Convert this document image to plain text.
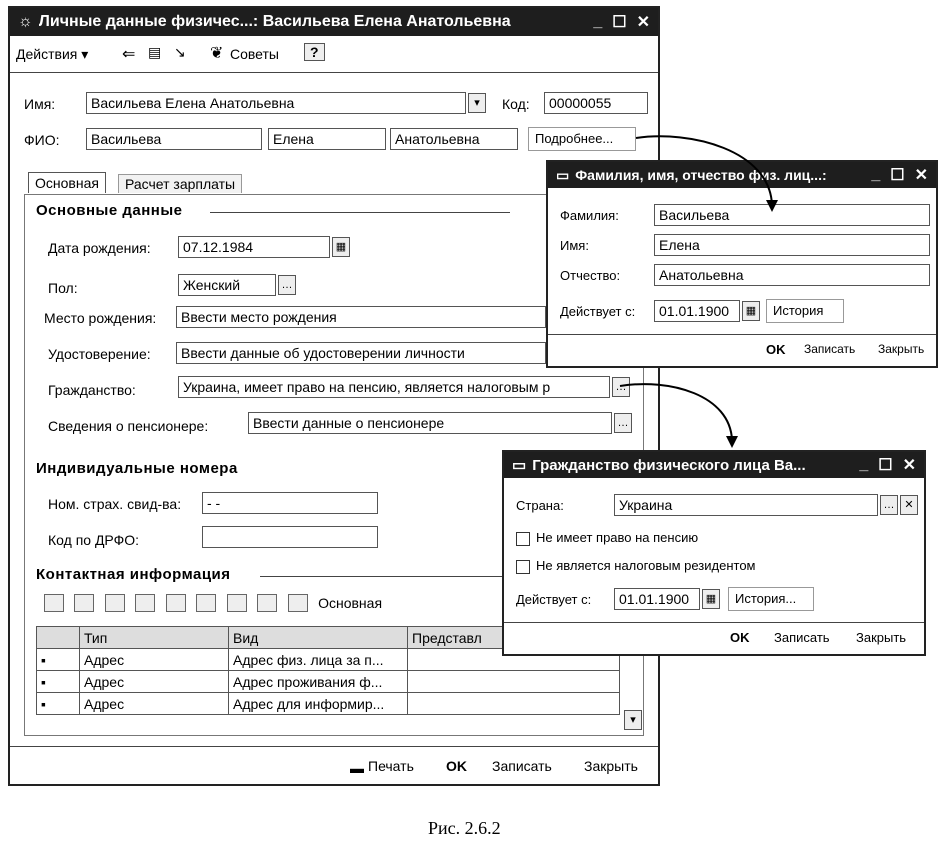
☼ Личные данные физичес...: Васильева Елена Анатольевна	_ ☐ ✕
Действия ▾ ⇐ ▤ ↘ ❦ Советы	?
Имя:	Васильева Елена Анатольевна	▾	Код:	00000055
ФИО:	Васильева	Елена	Анатольевна	Подробнее...
Основная	Расчет зарплаты
Основные данные
Дата рождения:	07.12.1984	▦
Пол:	Женский	…
Место рождения:	Ввести место рождения
Удостоверение:	Ввести данные об удостоверении личности
Гражданство:	Украина, имеет право на пенсию, является налоговым р	…
Сведения о пенсионере:	Ввести данные о пенсионере	…
Индивидуальные номера
Ном. страх. свид-ва:	- -
Код по ДРФО:
Контактная информация
Основная
	Тип	Вид	Представл
▪	Адрес	Адрес физ. лица за п...	
▪	Адрес	Адрес проживания ф...	
▪	Адрес	Адрес для информир...	
▾
▬ Печать OK Записать Закрыть
▭ Фамилия, имя, отчество физ. лиц...:	_ ☐ ✕
Фамилия:	Васильева
Имя:	Елена
Отчество:	Анатольевна
Действует с:	01.01.1900	▦	История
OK Записать Закрыть
▭ Гражданство физического лица Ва...	_ ☐ ✕
Страна:	Украина	… ✕
Не имеет право на пенсию
Не является налоговым резидентом
Действует с:	01.01.1900	▦	История...
OK Записать Закрыть
Рис. 2.6.2
